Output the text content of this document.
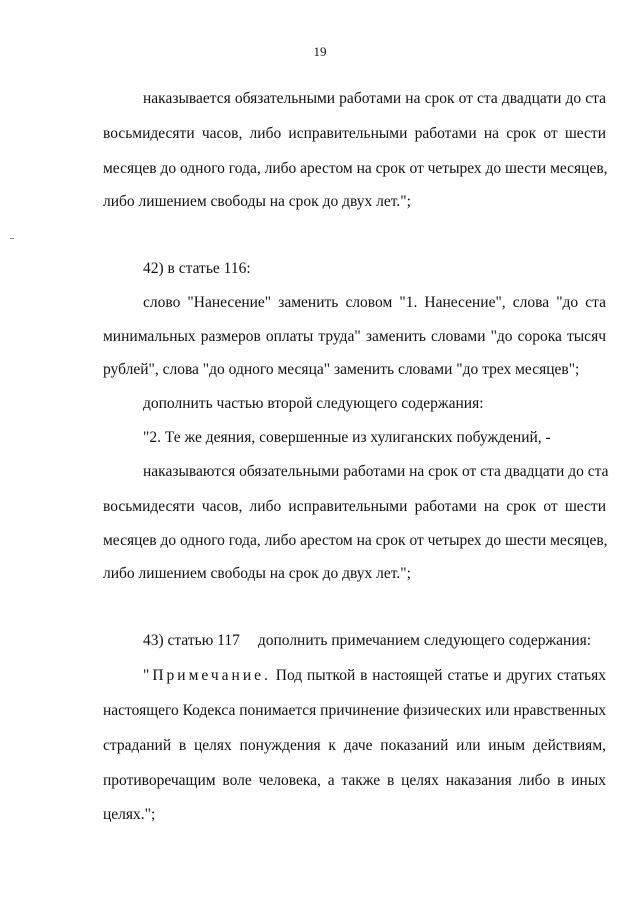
19
наказывается обязательными работами на срок от ста двадцати до ста
восьмидесяти часов, либо исправительными работами на срок от шести
месяцев до одного года, либо арестом на срок от четырех до шести месяцев,
либо лишением свободы на срок до двух лет.";
42) в статье 116:
слово "Нанесение" заменить словом "1. Нанесение", слова "до ста
минимальных размеров оплаты труда" заменить словами "до сорока тысяч
рублей", слова "до одного месяца" заменить словами "до трех месяцев";
дополнить частью второй следующего содержания:
"2. Те же деяния, совершенные из хулиганских побуждений, -
наказываются обязательными работами на срок от ста двадцати до ста
восьмидесяти часов, либо исправительными работами на срок от шести
месяцев до одного года, либо арестом на срок от четырех до шести месяцев,
либо лишением свободы на срок до двух лет.";
43) статью 117 дополнить примечанием следующего содержания:
"Примечание. Под пыткой в настоящей статье и других статьях
настоящего Кодекса понимается причинение физических или нравственных
страданий в целях понуждения к даче показаний или иным действиям,
противоречащим воле человека, а также в целях наказания либо в иных
целях.";
